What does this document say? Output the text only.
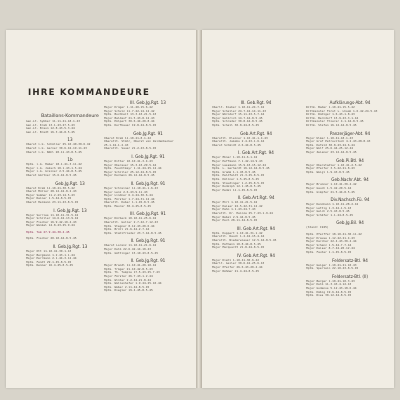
IHRE KOMMANDEURE
Bataillons-Kommandeure
Gen.Lt. Sybber 11.11.41-18.1.43
Gen.Lt. Kreß 13.1.43-27.5.43
Gen.Lt. Braun 12.8.43-5.3.44
Gen.Lt. Bredt 16.3.44-8.5.45
13
Oberst i.G. Schöller 25.10.40-30.6.42
Oberst i.G. Gerner 30.6.42-19.11.43
Oberst i.G. Nöhl 20.11.43-8.5.45
1b
Hptm. i.G. Haber 18.1.41-3.11.42
Major i.G. Jaksch 10.1.43-1.5.44
Major i.G. Greiner 2.5.44-8.5.45
Oberst Gärtner 15.6.42-8.5.45
Geb.Jg.Rgt. 13
Oberst Kreß 11.10.41-30.5.42
Oberst Müller 28.12.42-8.2.43
Major Sommer 11.2.43-14.5.43
Major Rainer 1.5.44-8.5.45
Oberst Heimann 23.11.43-8.5.45
I. Geb.Jg.Rgt. 13
Major Sorries 11.10.41-31.5.42
Major Schiller 14.6.42-13.9.42
Major Fischer 16.9.42-10.4.43
Major Wankel 14.8.43-25.9.44
Hptm. Tom 27.9.44-30.4.45
Hptm. Fischer 20.10.44-8.5.45
II. Geb.Jg.Rgt. 13
Major Ott 11.10.41-30.1.43
Major Bergmann 1.2.43-1.1.44
Major Herrmann 2.1.44-3.12.44
Hptm. Fendt 29.1.45-8.5.45
Hptm. Renner 16.4.45-8.5.45
III. Geb.Jg.Rgt. 13
Major Krüger 1.11.40-15.6.42
Major Schulz 11.7.42-14.12.42
Hptm. Buchheit 13.3.43-21.5.43
Major Baldauf 21.5.43-8.12.43
Hptm. Hülpert 30.6.44-20.8.44
Hptm. Dorfbauer 19.8.44-8.5.45
Geb.Jg.Rgt. 91
Oberst Kreß 11.10.41-8.1.42
Oberstlt. Stöhr, Oberst von Zeidenbecker
25.1.42-1.2.43
Oberstlt. Sauer 21.2.43-8.5.45
I. Geb.Jg.Rgt. 91
Major Ritter 10.10.41-3.4.43
Major Oberauer 15.3.43-29.5.44
Hptm. Feuchtmayr 1.11.44-25.12.44
Major Schiller 25.12.44-8.5.45
Major Kormann 26.12.44-8.5.45
II. Geb.Jg.Rgt. 91
Major Schreiner 11.10.41-1.6.43
Major Lenz 2.6.43-9.11.43
Major Lindner 6.4.44-30.6.44
Hptm. Förster 1.7.44-31.12.44
Oberstlt. Kober 1.1.45-8.5.45
Hptm. Maurer 30.4.45-8.5.45
III. Geb.Jg.Rgt. 91
Major Dürbeck 10.10.41-25.6.42
Oberstlt. Goller 2.7.42-7.12.43
Hptm. Stegner 8.12.43-20.6.44
Hptm. Brüll 21.6.44-2.7.44
Hptm. Stahlfrieder 23.7.44-8.5.45
II. Geb.Jg.Rgt. 91
Oberst Lorenz 11.10.41-21.6.42
Major Kolb 22.6.42-14.10.43
Hptm. Göttinger 15.10.43-8.5.45
II. Geb.Jg.Rgt. 91
Major Brandl 11.10.41-20.10.42
Hptm. Tröger 21.10.42-8.5.43
Hptm. Th. Temple 17.5.43-25.7.43
Major Förster 26.7.43-1.2.44
Hptm. Winter 2.2.44-21.8.44
Hptm. Wallenhofer 1.9.44-25.10.44
Hptm. Weber 2.11.44-8.5.45
Hptm. Riegler 19.4.45-8.5.45
III. Geb.Rgt. 94
Oberlt. Kieber 1.10.41-24.7.42
Major Scheller 24.7.42-14.11.43
Major Wörndorf 15.11.43-5.7.44
Major Gelbrich 14.7.44-8.5.45
Hptm. Schrader 30.8.44-8.5.45
Hptm. Schell 30.8.44-8.5.45
Geb.Art.Rgt. 94
Oberstlt. Kleiner 1.10.41-1.4.43
Oberstlt. Jakobs 2.4.43-1.6.44
Oberst Schmidt 2.6.44-8.5.45
I. Geb.Art.Rgt. 94
Major Ebner 1.10.41-6.1.42
Major Hoffmann 7.1.42-14.9.43
Major Lassmann 15.9.43-15.12.44
Hptm. L. Gerhardt 16.12.44-8.5.45
Hptm. Gramm 1.1.45-8.5.45
Hptm. Heldfeldt 21.3.45-8.5.45
Hptm. Köllner 1.5.45-8.5.45
Hptm. Staudinger 1.2.45-8.5.45
Major Rudolph 12.1.45-8.5.45
Major Hedel 11.1.45-8.5.45
II. Geb.Art.Rgt. 94
Major Ehrl 1.10.41-21.5.42
Major Kaiser 22.5.42-31.12.42
Major Hahn 1.1.43-24.7.43
Oberstlt. Dr. Heinze 25.7.43-1.9.44
Major Nebel 2.9.44-8.5.45
Major Hoch 28.11.44-8.5.45
III. Geb.Art.Rgt. 94
Hptm. Kuppert 1.10.41-31.1.42
Oberstlt. Rauch 1.2.42-15.4.44
Oberstlt. Niederwieser 12.5.44-8.5.45
Hptm. Hofmann 10.8.44-8.5.45
Major Marquardt 21.8.44-8.5.45
IV. Geb.Art.Rgt. 94
Major Diehl 1.10.41-30.6.42
Oberlt. Geiler 30.6.42-25.6.43
Major Pfeifer 26.6.43-20.4.44
Major Röhmer 21.4.44-8.5.45
Aufklärungs-Abt. 94
Rittm. Bader 1.10.41-15.5.42
Rittmeister Fürst v. Lhoob 1.6.42-24.5.43
Rittm. Rüdiger 1.6.43-1.8.43
Rittm. Berndorf 15.9.43-3.1.44
Rittmeister Thierer 4.1.44-8.5.45
Rittm. Stefan 16.12.44-8.5.45
Panzerjäger-Abt. 94
Major Ulmer 1.10.41-18.1.43
Major Graf Petrovitsch 4.2.43-28.8.43
Hptm. Kofeld 30.8.43-24.6.44
Major Wolf 25.6.44-25.12.44
Major Zwiener 23.12.44-8.5.45
Geb.Pi.Btl. 94
Major Oberstadler 1.10.41-2.5.42
Major Pfeifer 3.5.42-21.8.43
Hptm. Weigl 1.9.43-8.5.45
Geb.Nachr.Abt. 94
Major Brunner 1.10.41-30.4.42
Major Gauch 1.5.42-20.5.44
Hptm. Gimpfer 21.5.44-8.5.45
Div.Nachsch.Fü. 94
Major Dennheim 1.10.41-28.2.42
Major Lettig 1.3.42-1.5.43
Major Gelch 2.5.43-8.5.45
Major Schäfer 1.1.44-8.5.45
Geb.Jg.Bil. 94
(Stand: 1945)
Hptm. Pfeiffer 18.10.41-30.11.42
Major Krause 1.12.42-21.4.43
Major Karcher 22.4.43-30.4.44
Major Schenz 1.5.44-7.7.44
Major Kaiser 8.7.44-20.12.44
Hptm. Fauter 1.1.45-8.5.45
Feldersatz-Btl. 94
Major Geiger 1.10.41-21.10.43
Hptm. Sperlein 22.10.43-8.5.45
Feldersatz-Btl. (II)
Major Berger 1.10.41-10.3.43
Major Kolb 11.3.43-4.12.43
Major Gudenus 5.12.43-18.6.44
Hptm. Käbig 19.6.44-8.5.45
Hptm. Ries 30.12.44-8.5.45
